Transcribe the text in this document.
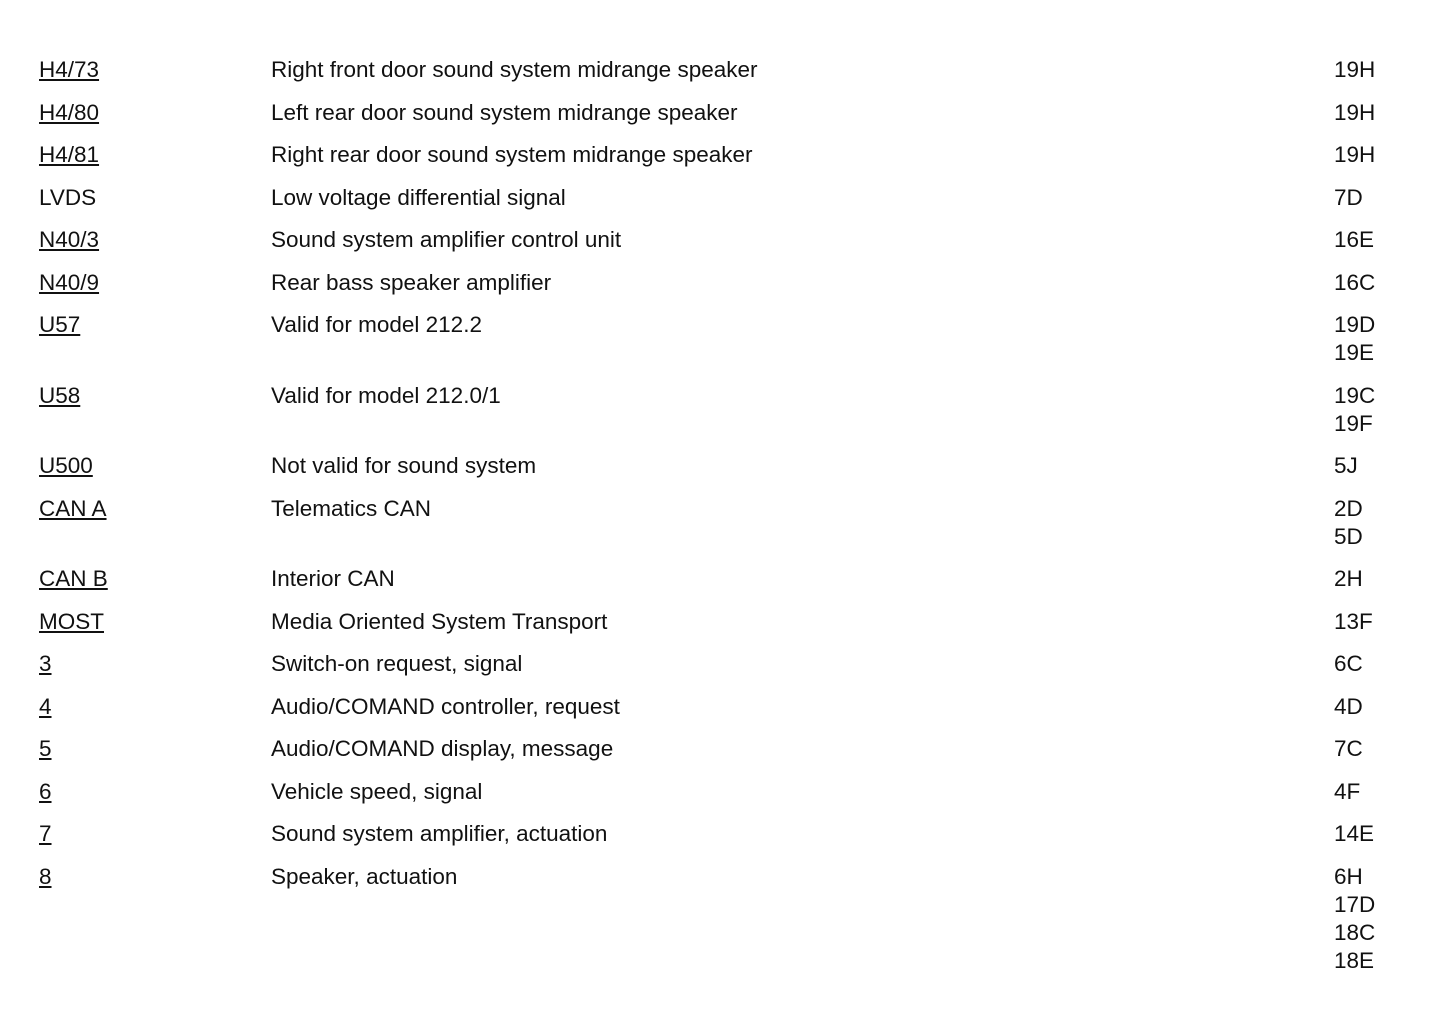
H4/73	Right front door sound system midrange speaker	19H
H4/80	Left rear door sound system midrange speaker	19H
H4/81	Right rear door sound system midrange speaker	19H
LVDS	Low voltage differential signal	7D
N40/3	Sound system amplifier control unit	16E
N40/9	Rear bass speaker amplifier	16C
U57	Valid for model 212.2	19D
19E
U58	Valid for model 212.0/1	19C
19F
U500	Not valid for sound system	5J
CAN A	Telematics CAN	2D
5D
CAN B	Interior CAN	2H
MOST	Media Oriented System Transport	13F
3	Switch-on request, signal	6C
4	Audio/COMAND controller, request	4D
5	Audio/COMAND display, message	7C
6	Vehicle speed, signal	4F
7	Sound system amplifier, actuation	14E
8	Speaker, actuation	6H
17D
18C
18E
